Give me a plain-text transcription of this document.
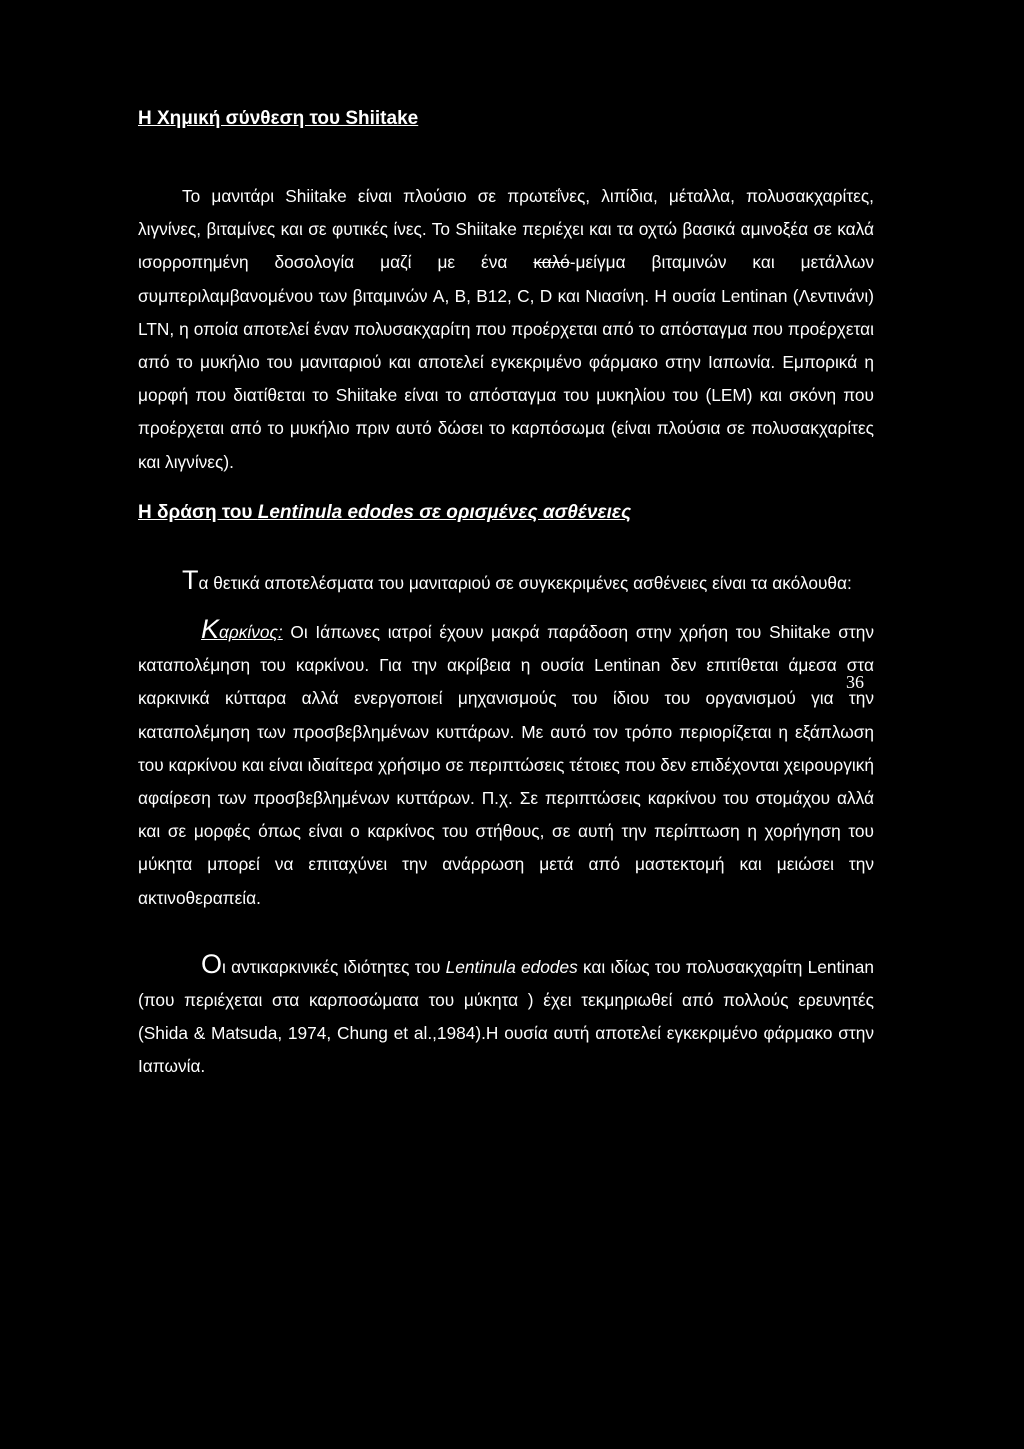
Η Χημική σύνθεση του Shiitake

Το μανιτάρι Shiitake είναι πλούσιο σε πρωτεΐνες, λιπίδια, μέταλλα, πολυσακχαρίτες, λιγνίνες, βιταμίνες και σε φυτικές ίνες. Το Shiitake περιέχει και τα οχτώ βασικά αμινοξέα σε καλά ισορροπημένη δοσολογία μαζί με ένα καλό-μείγμα βιταμινών και μετάλλων συμπεριλαμβανομένου των βιταμινών A, B, B12, C, D και Νιασίνη. Η ουσία Lentinan (Λεντινάνι) LTN, η οποία αποτελεί έναν πολυσακχαρίτη που προέρχεται από το απόσταγμα που προέρχεται από το μυκήλιο του μανιταριού και αποτελεί εγκεκριμένο φάρμακο στην Ιαπωνία. Εμπορικά η μορφή που διατίθεται το Shiitake είναι το απόσταγμα του μυκηλίου του (LEM) και σκόνη που προέρχεται από το μυκήλιο πριν αυτό δώσει το καρπόσωμα (είναι πλούσια σε πολυσακχαρίτες και λιγνίνες).

Η δράση του Lentinula edodes σε ορισμένες ασθένειες

Τα θετικά αποτελέσματα του μανιταριού σε συγκεκριμένες ασθένειες είναι τα ακόλουθα:

Καρκίνος: Οι Ιάπωνες ιατροί έχουν μακρά παράδοση στην χρήση του Shiitake στην καταπολέμηση του καρκίνου. Για την ακρίβεια η ουσία Lentinan δεν επιτίθεται άμεσα στα καρκινικά κύτταρα αλλά ενεργοποιεί μηχανισμούς του ίδιου του οργανισμού για την καταπολέμηση των προσβεβλημένων κυττάρων. Με αυτό τον τρόπο περιορίζεται η εξάπλωση του καρκίνου και είναι ιδιαίτερα χρήσιμο σε περιπτώσεις τέτοιες που δεν επιδέχονται χειρουργική αφαίρεση των προσβεβλημένων κυττάρων. Π.χ. Σε περιπτώσεις καρκίνου του στομάχου αλλά και σε μορφές όπως είναι ο καρκίνος του στήθους, σε αυτή την περίπτωση η χορήγηση του μύκητα μπορεί να επιταχύνει την ανάρρωση μετά από μαστεκτομή και μειώσει την ακτινοθεραπεία.

Οι αντικαρκινικές ιδιότητες του Lentinula edodes και ιδίως του πολυσακχαρίτη Lentinan (που περιέχεται στα καρποσώματα του μύκητα ) έχει τεκμηριωθεί από πολλούς ερευνητές (Shida & Matsuda, 1974, Chung et al.,1984).Η ουσία αυτή αποτελεί εγκεκριμένο φάρμακο στην Ιαπωνία.

36
